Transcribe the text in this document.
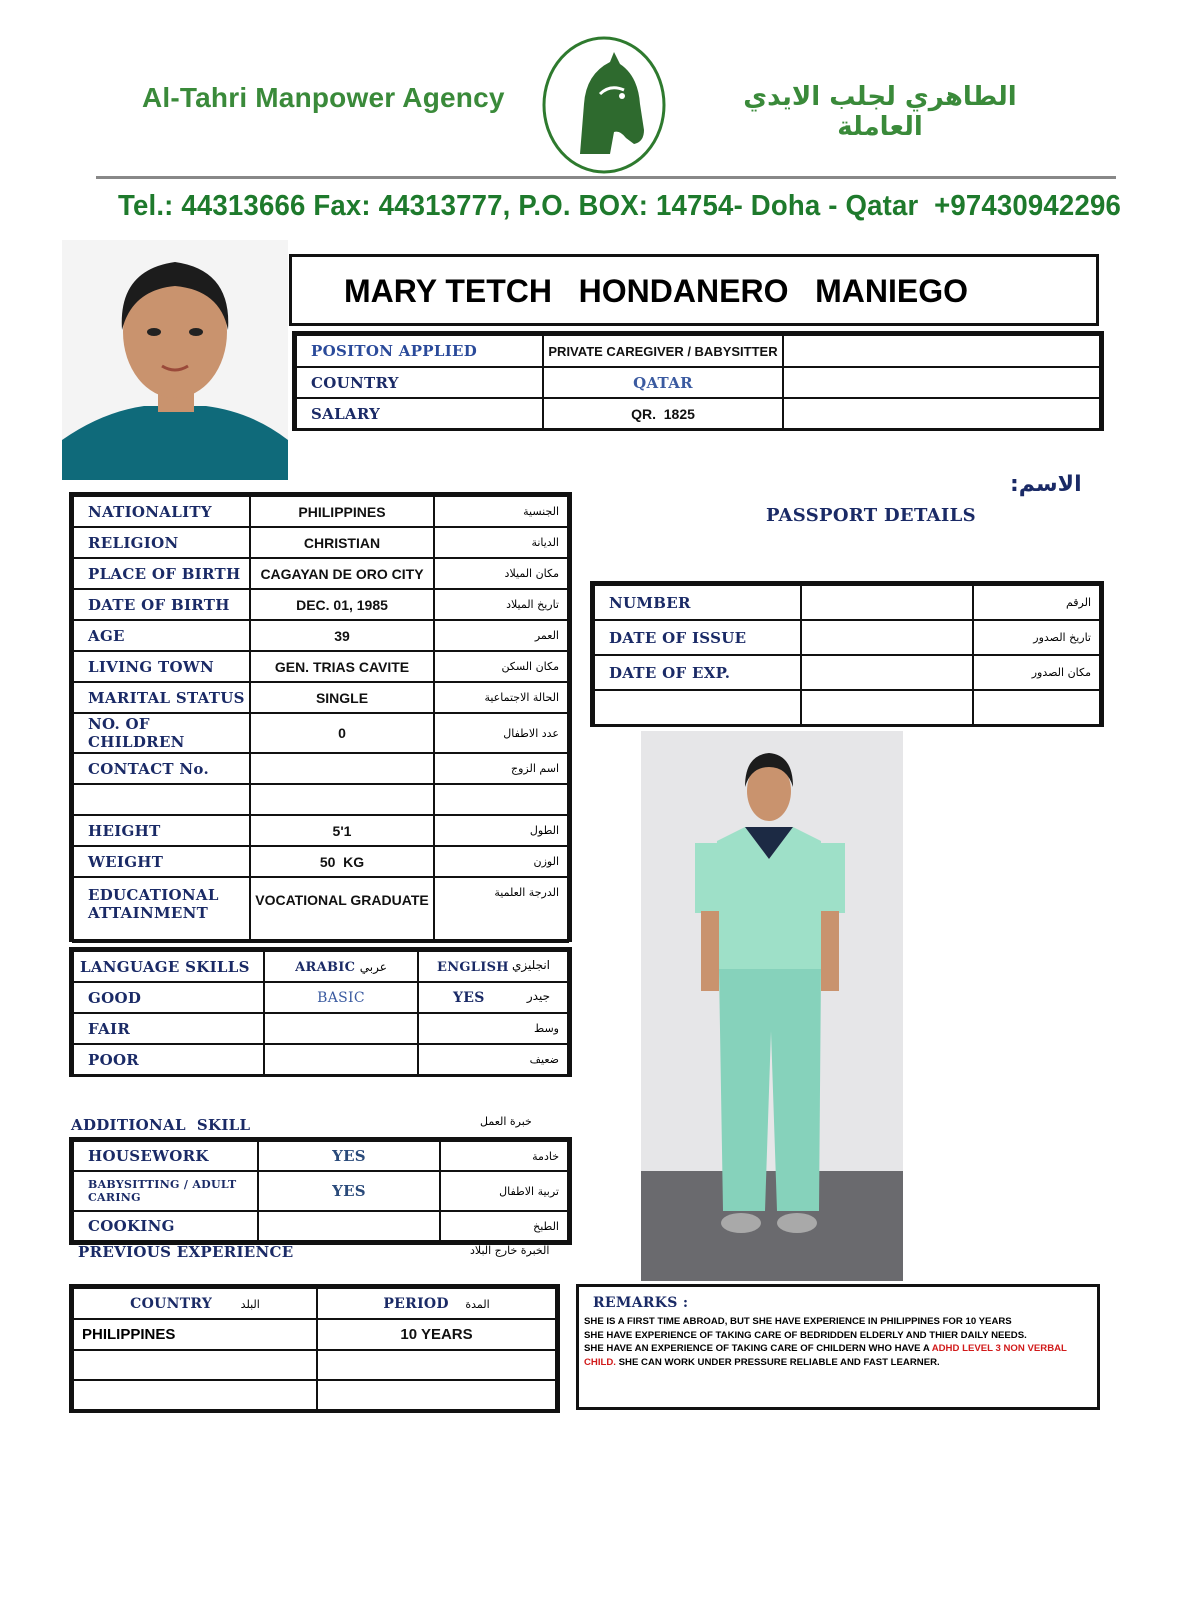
Al-Tahri Manpower Agency	الطاهري لجلب الايدي العاملة
Tel.: 44313666 Fax: 44313777, P.O. BOX: 14754- Doha - Qatar  +97430942296
MARY TETCH   HONDANERO   MANIEGO
POSITON APPLIED	PRIVATE CAREGIVER / BABYSITTER	
COUNTRY	QATAR	
SALARY	QR.  1825	
الاسم:
NATIONALITY	PHILIPPINES	الجنسية
RELIGION	CHRISTIAN	الديانة
PLACE OF BIRTH	CAGAYAN DE ORO CITY	مكان الميلاد
DATE OF BIRTH	DEC. 01, 1985	تاريخ الميلاد
AGE	39	العمر
LIVING TOWN	GEN. TRIAS CAVITE	مكان السكن
MARITAL STATUS	SINGLE	الحالة الاجتماعية
NO. OF CHILDREN	0	عدد الاطفال
CONTACT No.		اسم الزوج

HEIGHT	5'1	الطول
WEIGHT	50  KG	الوزن
EDUCATIONAL ATTAINMENT	VOCATIONAL GRADUATE	الدرجة العلمية
PASSPORT DETAILS
NUMBER		الرقم
DATE OF ISSUE		تاريخ الصدور
DATE OF EXP.		مكان الصدور

LANGUAGE SKILLS	ARABIC عربي	ENGLISH انجليزي

GOOD	BASIC	YES جيدر

FAIR		وسط
POOR		ضعيف
ADDITIONAL  SKILL	خبرة العمل
HOUSEWORK	YES	خادمة
BABYSITTING / ADULT CARING	YES	تربية الاطفال
COOKING		الطبخ
PREVIOUS EXPERIENCE	الخبرة خارج البلاد
COUNTRY البلد	PERIOD المدة
PHILIPPINES	10 YEARS

REMARKS :
SHE IS A FIRST TIME ABROAD, BUT SHE HAVE EXPERIENCE IN PHILIPPINES FOR 10 YEARS
SHE HAVE EXPERIENCE OF TAKING CARE OF BEDRIDDEN ELDERLY AND THIER DAILY NEEDS.
SHE HAVE AN EXPERIENCE OF TAKING CARE OF CHILDERN WHO HAVE A ADHD LEVEL 3 NON VERBAL CHILD. SHE CAN WORK UNDER PRESSURE RELIABLE AND FAST LEARNER.
